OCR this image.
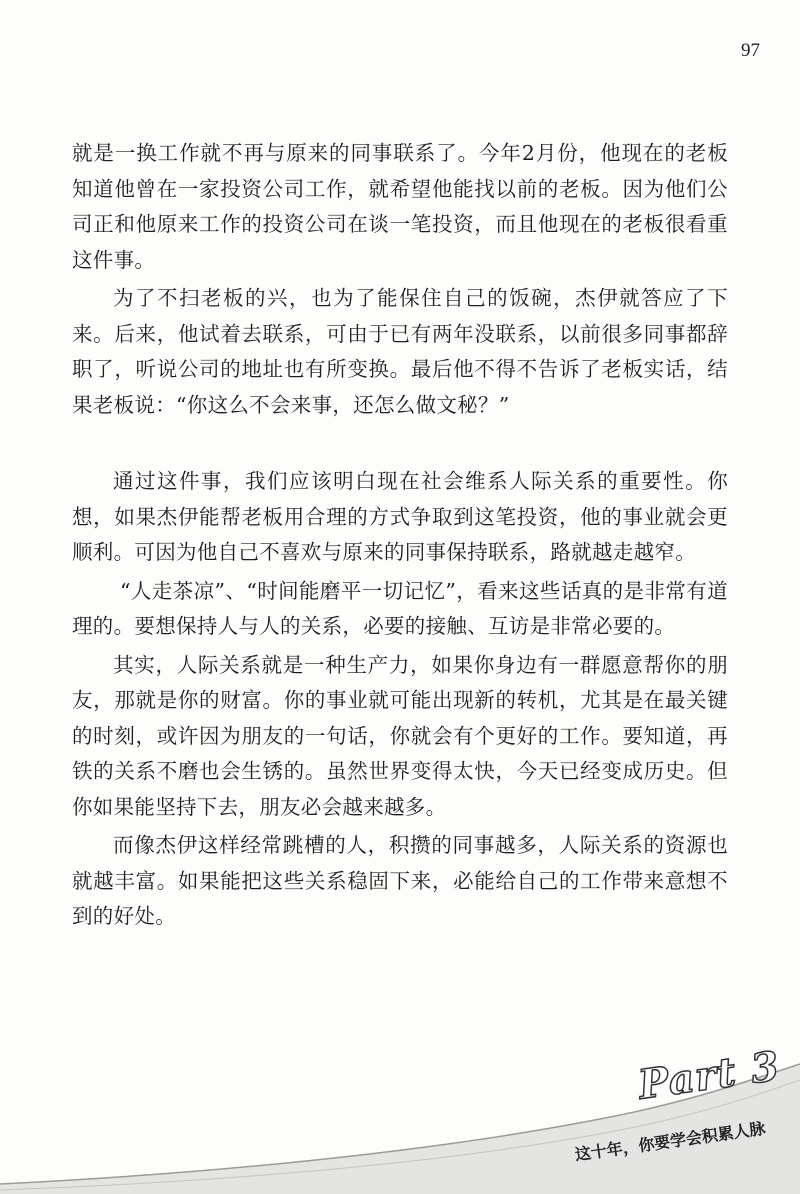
97

就是一换工作就不再与原来的同事联系了。今年2月份，他现在的老板知道他曾在一家投资公司工作，就希望他能找以前的老板。因为他们公司正和他原来工作的投资公司在谈一笔投资，而且他现在的老板很看重这件事。

为了不扫老板的兴，也为了能保住自己的饭碗，杰伊就答应了下来。后来，他试着去联系，可由于已有两年没联系，以前很多同事都辞职了，听说公司的地址也有所变换。最后他不得不告诉了老板实话，结果老板说：“你这么不会来事，还怎么做文秘？”

通过这件事，我们应该明白现在社会维系人际关系的重要性。你想，如果杰伊能帮老板用合理的方式争取到这笔投资，他的事业就会更顺利。可因为他自己不喜欢与原来的同事保持联系，路就越走越窄。

“人走茶凉”、“时间能磨平一切记忆”，看来这些话真的是非常有道理的。要想保持人与人的关系，必要的接触、互访是非常必要的。

其实，人际关系就是一种生产力，如果你身边有一群愿意帮你的朋友，那就是你的财富。你的事业就可能出现新的转机，尤其是在最关键的时刻，或许因为朋友的一句话，你就会有个更好的工作。要知道，再铁的关系不磨也会生锈的。虽然世界变得太快，今天已经变成历史。但你如果能坚持下去，朋友必会越来越多。

而像杰伊这样经常跳槽的人，积攒的同事越多，人际关系的资源也就越丰富。如果能把这些关系稳固下来，必能给自己的工作带来意想不到的好处。

Part 3
这十年，你要学会积累人脉
